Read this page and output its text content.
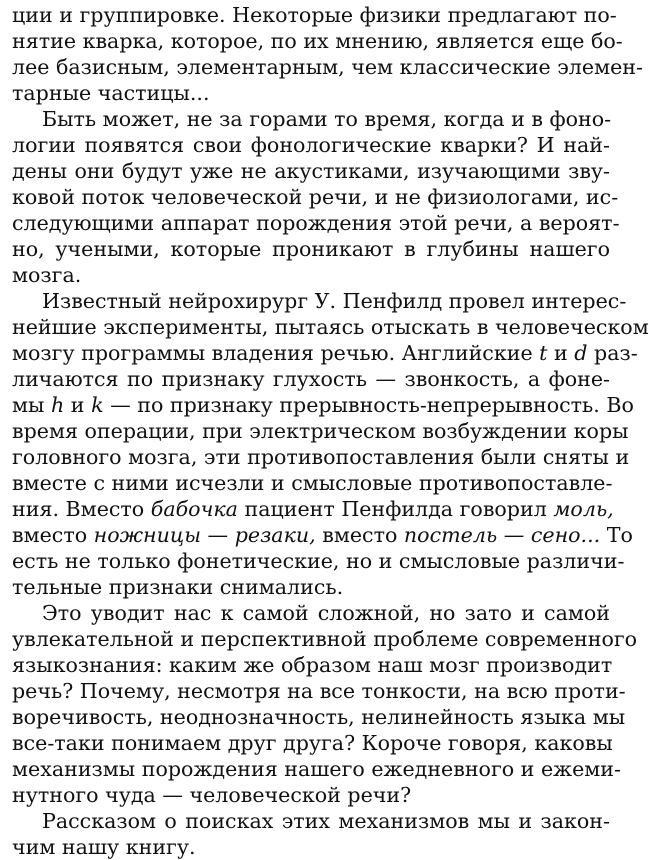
ции и группировке. Некоторые физики предлагают по-
нятие кварка, которое, по их мнению, является еще бо-
лее базисным, элементарным, чем классические элемен-
тарные частицы...
Быть может, не за горами то время, когда и в фоно-
логии появятся свои фонологические кварки? И най-
дены они будут уже не акустиками, изучающими зву-
ковой поток человеческой речи, и не физиологами, ис-
следующими аппарат порождения этой речи, а вероят-
но, учеными, которые проникают в глубины нашего
мозга.
Известный нейрохирург У. Пенфилд провел интерес-
нейшие эксперименты, пытаясь отыскать в человеческом
мозгу программы владения речью. Английские t и d раз-
личаются по признаку глухость — звонкость, а фоне-
мы h и k — по признаку прерывность-непрерывность. Во
время операции, при электрическом возбуждении коры
головного мозга, эти противопоставления были сняты и
вместе с ними исчезли и смысловые противопоставле-
ния. Вместо бабочка пациент Пенфилда говорил моль,
вместо ножницы — резаки, вместо постель — сено... То
есть не только фонетические, но и смысловые различи-
тельные признаки снимались.
Это уводит нас к самой сложной, но зато и самой
увлекательной и перспективной проблеме современного
языкознания: каким же образом наш мозг производит
речь? Почему, несмотря на все тонкости, на всю проти-
воречивость, неоднозначность, нелинейность языка мы
все-таки понимаем друг друга? Короче говоря, каковы
механизмы порождения нашего ежедневного и ежеми-
нутного чуда — человеческой речи?
Рассказом о поисках этих механизмов мы и закон-
чим нашу книгу.
